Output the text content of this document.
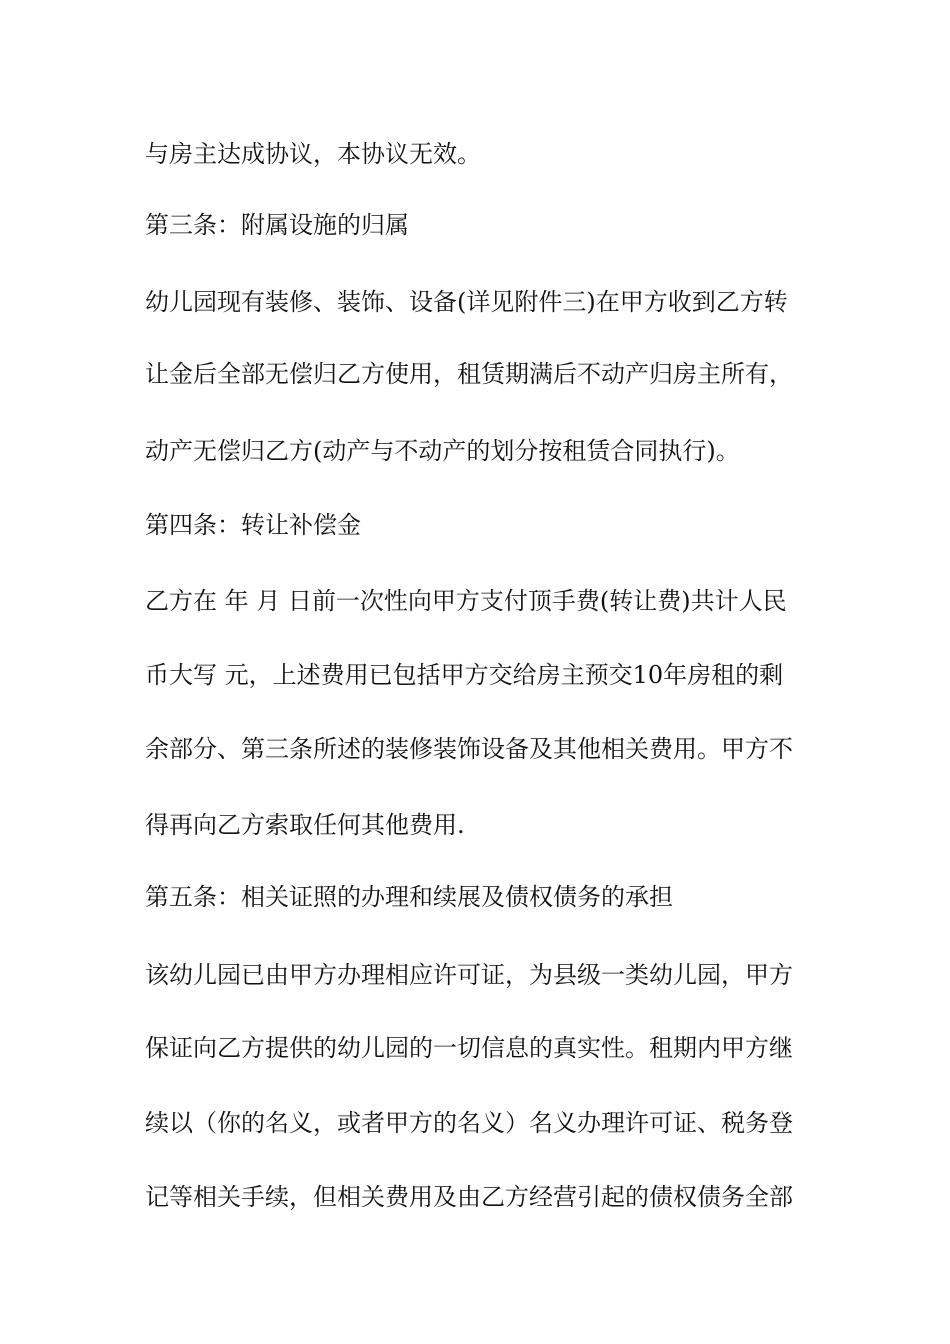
与房主达成协议，本协议无效。
第三条：附属设施的归属
幼儿园现有装修、装饰、设备(详见附件三)在甲方收到乙方转
让金后全部无偿归乙方使用，租赁期满后不动产归房主所有，
动产无偿归乙方(动产与不动产的划分按租赁合同执行)。
第四条：转让补偿金
乙方在 年 月 日前一次性向甲方支付顶手费(转让费)共计人民
币大写 元，上述费用已包括甲方交给房主预交10年房租的剩
余部分、第三条所述的装修装饰设备及其他相关费用。甲方不
得再向乙方索取任何其他费用.
第五条：相关证照的办理和续展及债权债务的承担
该幼儿园已由甲方办理相应许可证，为县级一类幼儿园，甲方
保证向乙方提供的幼儿园的一切信息的真实性。租期内甲方继
续以（你的名义，或者甲方的名义）名义办理许可证、税务登
记等相关手续，但相关费用及由乙方经营引起的债权债务全部
